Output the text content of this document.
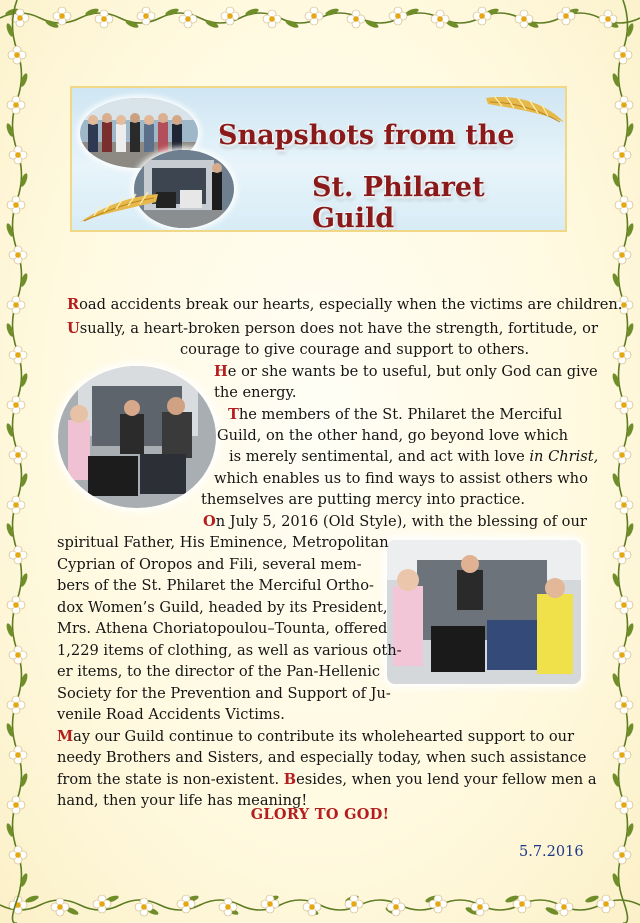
Snapshots from the
St. Philaret Guild
Road accidents break our hearts, especially when the victims are children.
Usually, a heart-broken person does not have the strength, fortitude, or
courage to give courage and support to others.
He or she wants be to useful, but only God can give
the energy.
The members of the St. Philaret the Merciful
Guild, on the other hand, go beyond love which
is merely sentimental, and act with love in Christ,
which enables us to find ways to assist others who
themselves are putting mercy into practice.
On July 5, 2016 (Old Style), with the blessing of our
spiritual Father, His Eminence, Metropolitan
Cyprian of Oropos and Fili, several mem-
bers of the St. Philaret the Merciful Ortho-
dox Women’s Guild, headed by its President,
Mrs. Athena Choriatopoulou–Tounta, offered
1,229 items of clothing, as well as various oth-
er items, to the director of the Pan-Hellenic
Society for the Prevention and Support of Ju-
venile Road Accidents Victims.
May our Guild continue to contribute its wholehearted support to our
needy Brothers and Sisters, and especially today, when such assistance
from the state is non-existent. Besides, when you lend your fellow men a
hand, then your life has meaning!
GLORY TO GOD!
5.7.2016
